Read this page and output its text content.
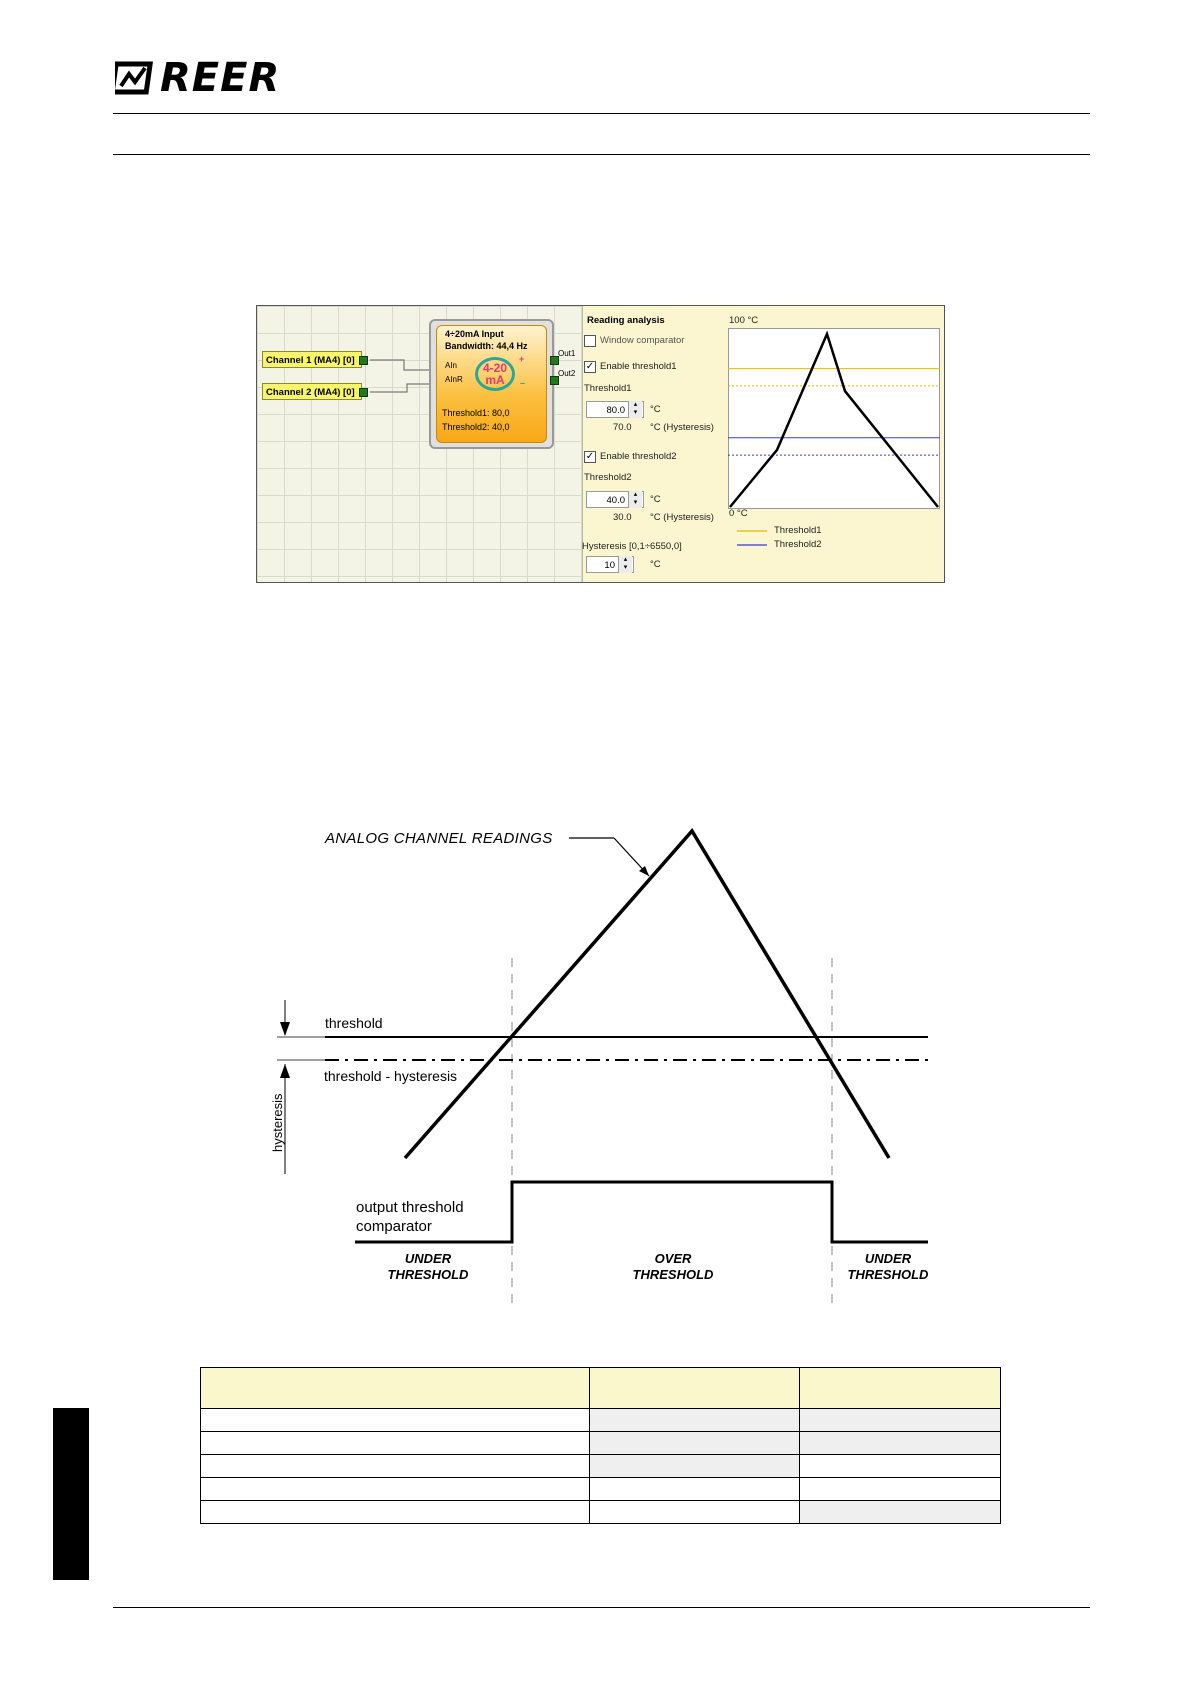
REER
Channel 1 (MA4) [0]
Channel 2 (MA4) [0]
4÷20mA Input
Bandwidth: 44,4 Hz
AIn
AInR
4-20
mA
+
–
Threshold1: 80,0
Threshold2: 40,0
Out1
Out2
Reading analysis
Window comparator
✓ Enable threshold1
Threshold1
80.0 ▴ ▾	°C
70.0 °C (Hysteresis)
✓ Enable threshold2
Threshold2
40.0 ▴ ▾	°C
30.0 °C (Hysteresis)
Hysteresis [0,1÷6550,0]
10 ▴ ▾	°C
100 °C
0 °C
Threshold1
Threshold2
ANALOG CHANNEL READINGS
hysteresis
threshold
threshold - hysteresis
output threshold
comparator
UNDER
THRESHOLD
OVER
THRESHOLD
UNDER
THRESHOLD
